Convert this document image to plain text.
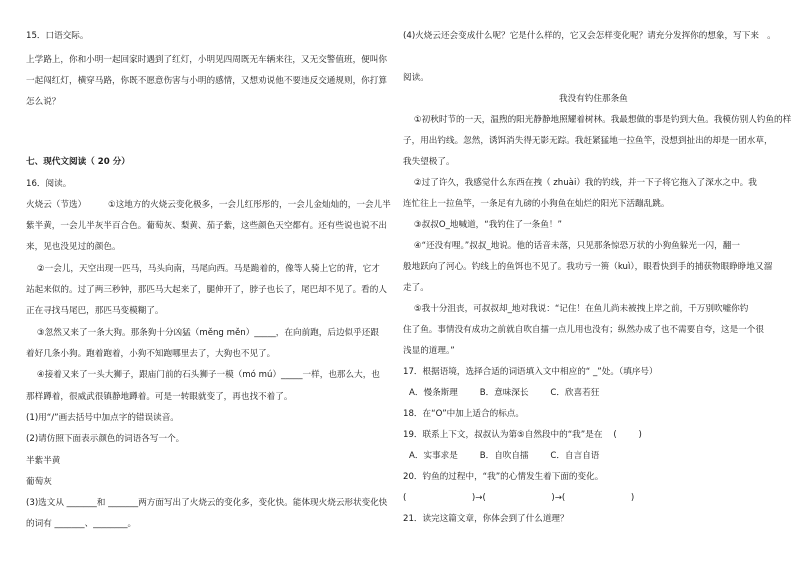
15．口语交际。
上学路上，你和小明一起回家时遇到了红灯，小明见四周既无车辆来往，又无交警值班，便叫你
一起闯红灯，横穿马路，你既不愿意伤害与小明的感情，又想劝说他不要违反交通规则，你打算
怎么说？
七、现代文阅读（ 20 分）
16．阅读。
火烧云（节选）        ①这地方的火烧云变化极多，一会儿红彤彤的，一会儿金灿灿的，一会儿半
紫半黄，一会儿半灰半百合色。葡萄灰、梨黄、茄子紫，这些颜色天空都有。还有些说也说不出
来，见也没见过的颜色。
②一会儿，天空出现一匹马，马头向南，马尾向西。马是跪着的，像等人骑上它的背，它才
站起来似的。过了两三秒钟，那匹马大起来了，腿伸开了，脖子也长了，尾巴却不见了。看的人
正在寻找马尾巴，那匹马变模糊了。
③忽然又来了一条大狗。那条狗十分凶猛（měng měn）_____，在向前跑，后边似乎还跟
着好几条小狗。跑着跑着，小狗不知跑哪里去了，大狗也不见了。
④接着又来了一头大狮子，跟庙门前的石头狮子一模（mó mú）_____一样，也那么大，也
那样蹲着，很威武很镇静地蹲着。可是一转眼就变了，再也找不着了。
(1)用“/”画去括号中加点字的错误读音。
(2)请仿照下面表示颜色的词语各写一个。
半紫半黄
葡萄灰
(3)选文从 _______和 _______两方面写出了火烧云的变化多，变化快。能体现火烧云形状变化快
的词有 _______、________。
(4)火烧云还会变成什么呢？它是什么样的，它又会怎样变化呢？请充分发挥你的想象，写下来   。
阅读。
我没有钓住那条鱼
①初秋时节的一天，温煦的阳光静静地照耀着树林。我最想做的事是钓到大鱼。我模仿别人钓鱼的样
子，用出钓线。忽然，诱饵消失得无影无踪。我赶紧猛地一拉鱼竿，没想到扯出的却是一团水草，
我失望极了。
②过了许久，我感觉什么东西在拽（ zhuài）我的钓线，并一下子将它拖入了深水之中。我
连忙往上一拉鱼竿，一条足有九磅的小狗鱼在灿烂的阳光下活蹦乱跳。
③叔叔O_地喊道，“我钓住了一条鱼！”
④“还没有哩。”叔叔_地说。他的话音未落，只见那条惊恐万状的小狗鱼躲光一闪，翻一
般地跃向了河心。钓线上的鱼饵也不见了。我功亏一篑（kuì），眼看快到手的捕获物眼睁睁地又溜
走了。
⑤我十分沮丧，可叔叔却_地对我说：“记住！在鱼儿尚未被拽上岸之前，千万别吹嘘你钓
住了鱼。事情没有成功之前就自吹自擂一点儿用也没有；纵然办成了也不需要自夸，这是一个很
浅显的道理。”
17．根据语境，选择合适的词语填入文中相应的“ _”处。（填序号）
A．慢条斯理        B．意味深长        C．欣喜若狂
18．在“O”中加上适合的标点。
19．联系上下文，叔叔认为第⑤自然段中的“我”是在    (        )
A．实事求是        B．自吹自擂        C．自言自语
20．钓鱼的过程中，“我”的心情发生着下面的变化。
(                        )→(                        )→(                        )
21．读完这篇文章，你体会到了什么道理？
